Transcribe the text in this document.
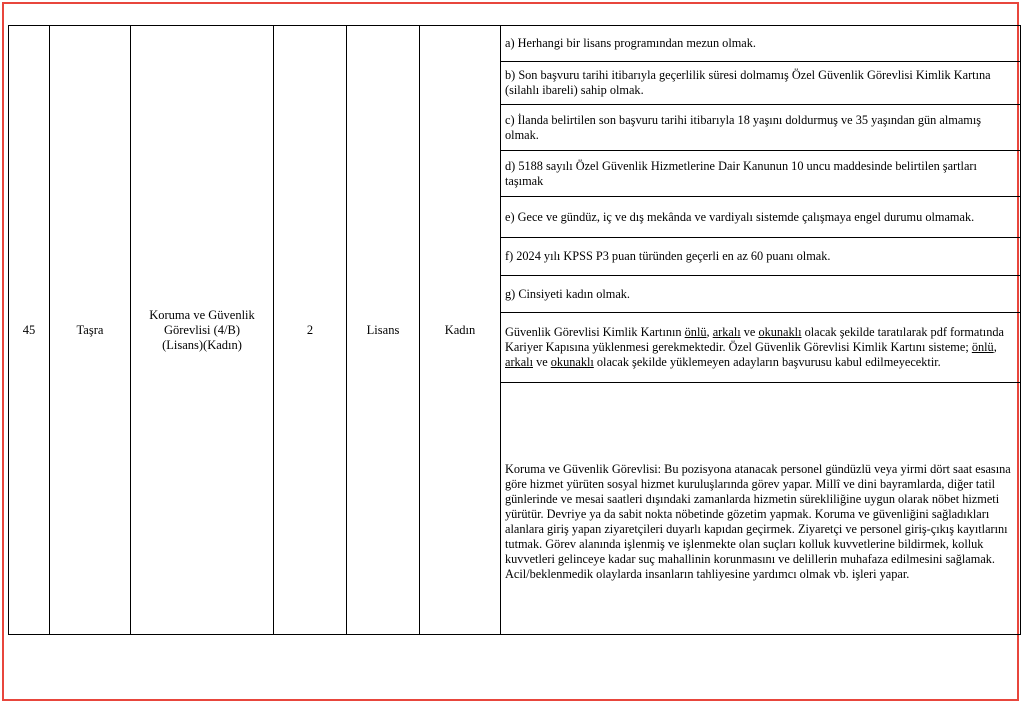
45	Taşra	Koruma ve Güvenlik Görevlisi (4/B) (Lisans)(Kadın)	2	Lisans	Kadın	a) Herhangi bir lisans programından mezun olmak.
b) Son başvuru tarihi itibarıyla geçerlilik süresi dolmamış Özel Güvenlik Görevlisi Kimlik Kartına (silahlı ibareli) sahip olmak.
c) İlanda belirtilen son başvuru tarihi itibarıyla 18 yaşını doldurmuş ve 35 yaşından gün almamış olmak.
d) 5188 sayılı Özel Güvenlik Hizmetlerine Dair Kanunun 10 uncu maddesinde belirtilen şartları taşımak
e) Gece ve gündüz, iç ve dış mekânda ve vardiyalı sistemde çalışmaya engel durumu olmamak.
f) 2024 yılı KPSS P3 puan türünden geçerli en az 60 puanı olmak.
g) Cinsiyeti kadın olmak.
Güvenlik Görevlisi Kimlik Kartının önlü, arkalı ve okunaklı olacak şekilde taratılarak pdf formatında Kariyer Kapısına yüklenmesi gerekmektedir. Özel Güvenlik Görevlisi Kimlik Kartını sisteme; önlü, arkalı ve okunaklı olacak şekilde yüklemeyen adayların başvurusu kabul edilmeyecektir.

Koruma ve Güvenlik Görevlisi: Bu pozisyona atanacak personel gündüzlü veya yirmi dört saat esasına göre hizmet yürüten sosyal hizmet kuruluşlarında görev yapar. Millî ve dini bayramlarda, diğer tatil günlerinde ve mesai saatleri dışındaki zamanlarda hizmetin sürekliliğine uygun olarak nöbet hizmeti yürütür. Devriye ya da sabit nokta nöbetinde gözetim yapmak. Koruma ve güvenliğini sağladıkları alanlara giriş yapan ziyaretçileri duyarlı kapıdan geçirmek. Ziyaretçi ve personel giriş-çıkış kayıtlarını tutmak. Görev alanında işlenmiş ve işlenmekte olan suçları kolluk kuvvetlerine bildirmek, kolluk kuvvetleri gelinceye kadar suç mahallinin korunmasını ve delillerin muhafaza edilmesini sağlamak. Acil/beklenmedik olaylarda insanların tahliyesine yardımcı olmak vb. işleri yapar.
